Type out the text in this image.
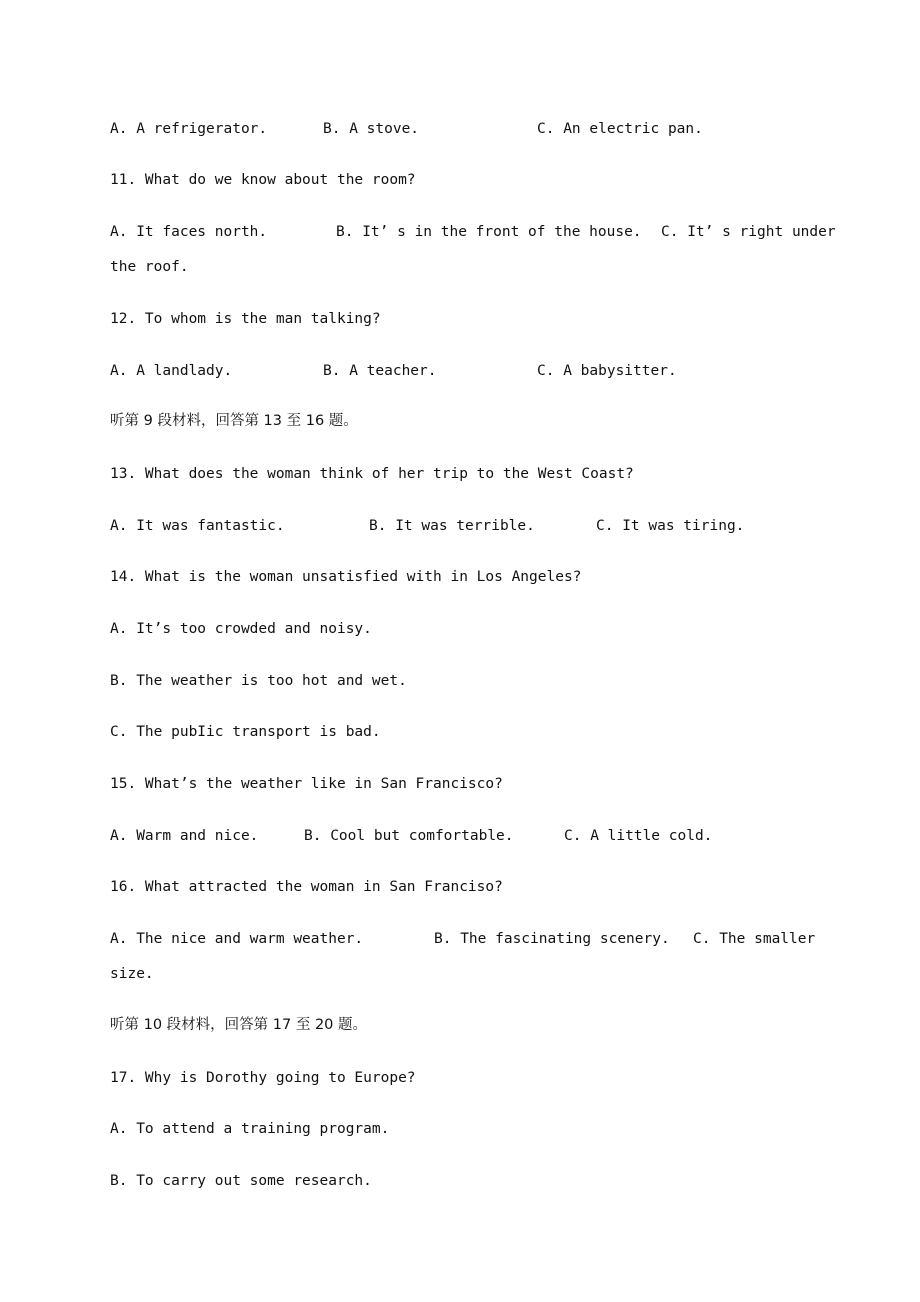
A. A refrigerator.	B. A stove.	C. An electric pan.
11. What do we know about the room?
A. It faces north.	B. It’ s in the front of the house. C. It’ s right under
the roof.
12. To whom is the man talking?
A. A landlady.	B. A teacher.	C. A babysitter.
听第 9 段材料，回答第 13 至 16 题。
13. What does the woman think of her trip to the West Coast?
A. It was fantastic.	B. It was terrible.	C. It was tiring.
14. What is the woman unsatisfied with in Los Angeles?
A. It’s too crowded and noisy.
B. The weather is too hot and wet.
C. The pubIic transport is bad.
15. What’s the weather like in San Francisco?
A. Warm and nice.	B. Cool but comfortable.	C. A little cold.
16. What attracted the woman in San Franciso?
A. The nice and warm weather.	B. The fascinating scenery. C. The smaller
size.
听第 10 段材料，回答第 17 至 20 题。
17. Why is Dorothy going to Europe?
A. To attend a training program.
B. To carry out some research.
